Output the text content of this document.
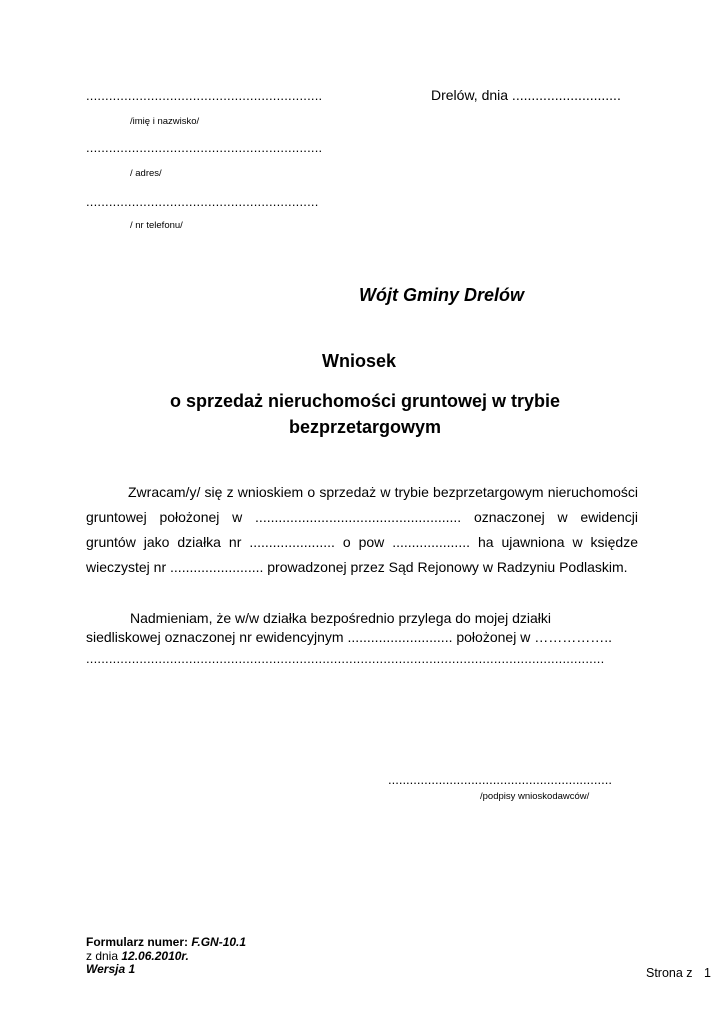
..............................................................
/imię i nazwisko/
..............................................................
/ adres/
.............................................................
/ nr telefonu/
Drelów, dnia ............................
Wójt Gminy Drelów
Wniosek
o sprzedaż nieruchomości gruntowej w trybie bezprzetargowym
Zwracam/y/ się z wnioskiem o sprzedaż w trybie bezprzetargowym nieruchomości gruntowej położonej w ..................................................... oznaczonej w ewidencji gruntów jako działka nr ...................... o pow .................... ha ujawniona w księdze wieczystej nr ........................ prowadzonej przez Sąd Rejonowy w Radzyniu Podlaskim.
Nadmieniam, że w/w działka bezpośrednio przylega do mojej działki
siedliskowej oznaczonej nr ewidencyjnym ........................... położonej w ……………..
........................................................................................................................................
..............................................................
/podpisy wnioskodawców/
Formularz numer: F.GN-10.1
z dnia 12.06.2010r.
Wersja 1	Strona z 1
